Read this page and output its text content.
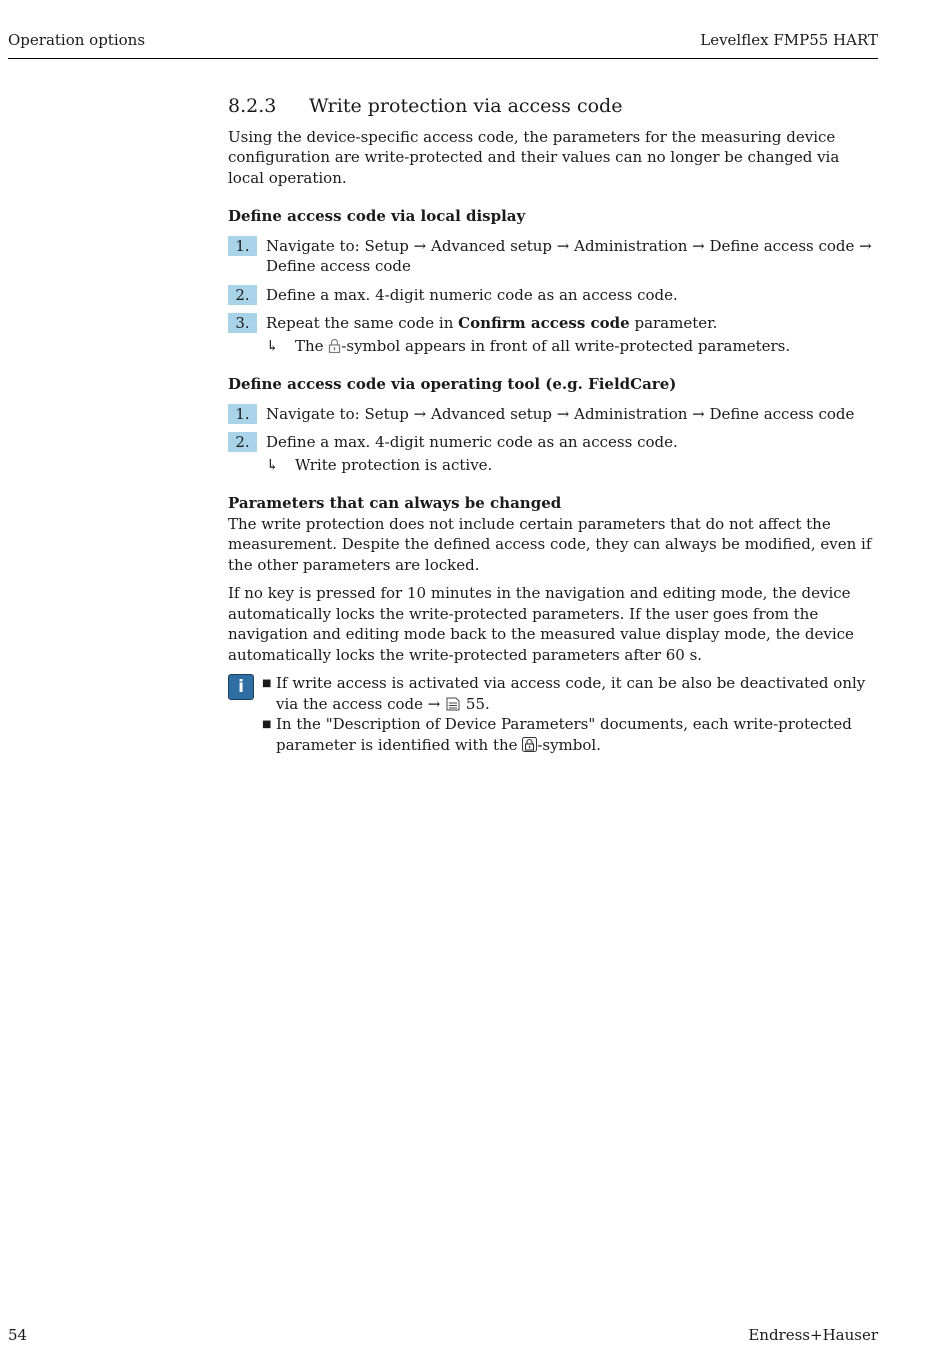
Operation options	Levelflex FMP55 HART
8.2.3	Write protection via access code

Using the device-specific access code, the parameters for the measuring device configuration are write-protected and their values can no longer be changed via local operation.

Define access code via local display
1.	Navigate to: Setup → Advanced setup → Administration → Define access code → Define access code
2.	Define a max. 4-digit numeric code as an access code.
3.	Repeat the same code in Confirm access code parameter.
↳	The -symbol appears in front of all write-protected parameters.
Define access code via operating tool (e.g. FieldCare)
1.	Navigate to: Setup → Advanced setup → Administration → Define access code
2.	Define a max. 4-digit numeric code as an access code.
↳	Write protection is active.
Parameters that can always be changed

The write protection does not include certain parameters that do not affect the measurement. Despite the defined access code, they can always be modified, even if the other parameters are locked.

If no key is pressed for 10 minutes in the navigation and editing mode, the device automatically locks the write-protected parameters. If the user goes from the navigation and editing mode back to the measured value display mode, the device automatically locks the write-protected parameters after 60 s.

i	■ If write access is activated via access code, it can be also be deactivated only via the access code →  55.
■ In the "Description of Device Parameters" documents, each write-protected parameter is identified with the -symbol.
54	Endress+Hauser
